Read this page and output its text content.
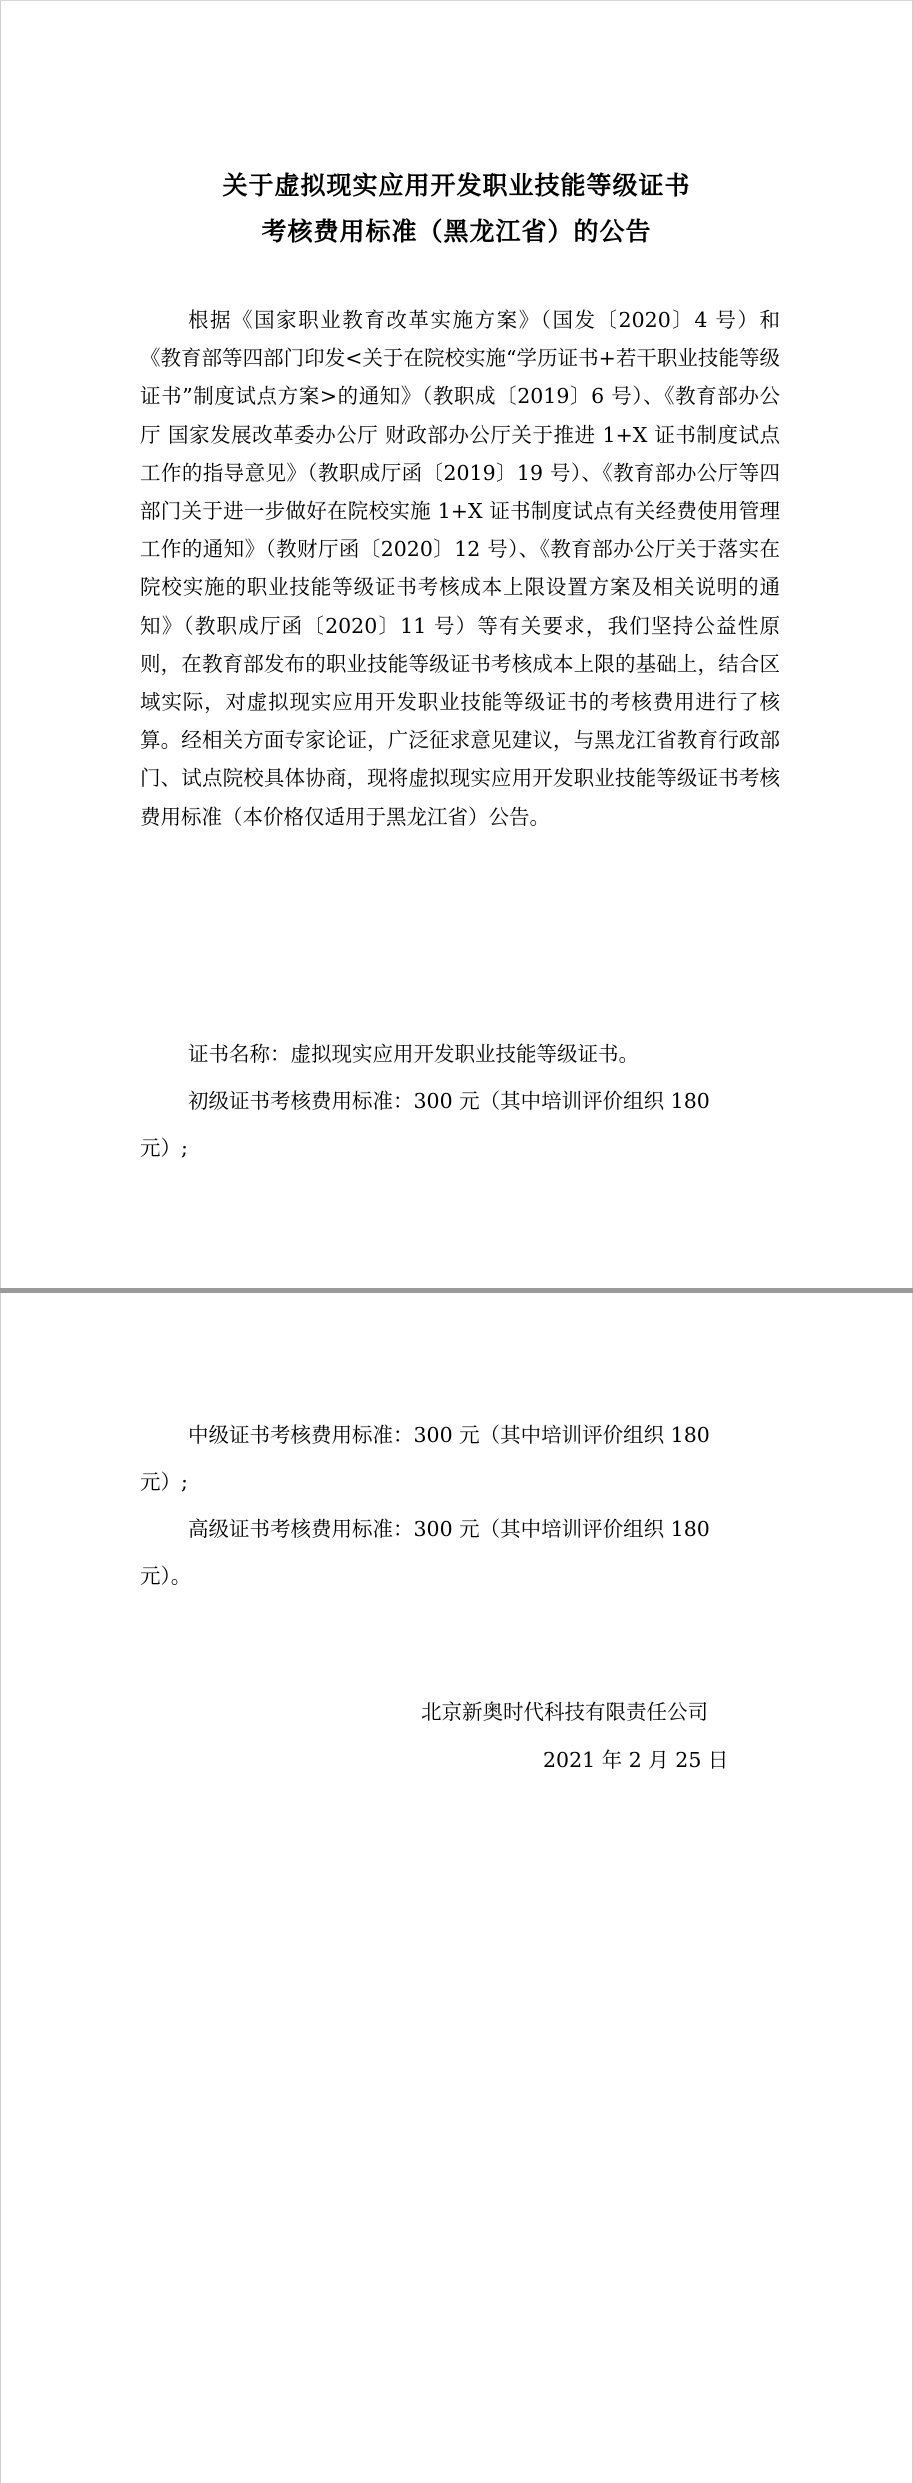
关于虚拟现实应用开发职业技能等级证书
考核费用标准（黑龙江省）的公告

根据《国家职业教育改革实施方案》（国发〔2020〕4 号）和《教育部等四部门印发<关于在院校实施“学历证书+若干职业技能等级证书”制度试点方案>的通知》（教职成〔2019〕6 号）、《教育部办公厅 国家发展改革委办公厅 财政部办公厅关于推进 1+X 证书制度试点工作的指导意见》（教职成厅函〔2019〕19 号）、《教育部办公厅等四部门关于进一步做好在院校实施 1+X 证书制度试点有关经费使用管理工作的通知》（教财厅函〔2020〕12 号）、《教育部办公厅关于落实在院校实施的职业技能等级证书考核成本上限设置方案及相关说明的通知》（教职成厅函〔2020〕11 号）等有关要求，我们坚持公益性原则，在教育部发布的职业技能等级证书考核成本上限的基础上，结合区域实际，对虚拟现实应用开发职业技能等级证书的考核费用进行了核算。经相关方面专家论证，广泛征求意见建议，与黑龙江省教育行政部门、试点院校具体协商，现将虚拟现实应用开发职业技能等级证书考核费用标准（本价格仅适用于黑龙江省）公告。

证书名称：虚拟现实应用开发职业技能等级证书。
初级证书考核费用标准：300 元（其中培训评价组织 180
元）;
中级证书考核费用标准：300 元（其中培训评价组织 180
元）;
高级证书考核费用标准：300 元（其中培训评价组织 180
元）。
北京新奥时代科技有限责任公司
2021 年 2 月 25 日
